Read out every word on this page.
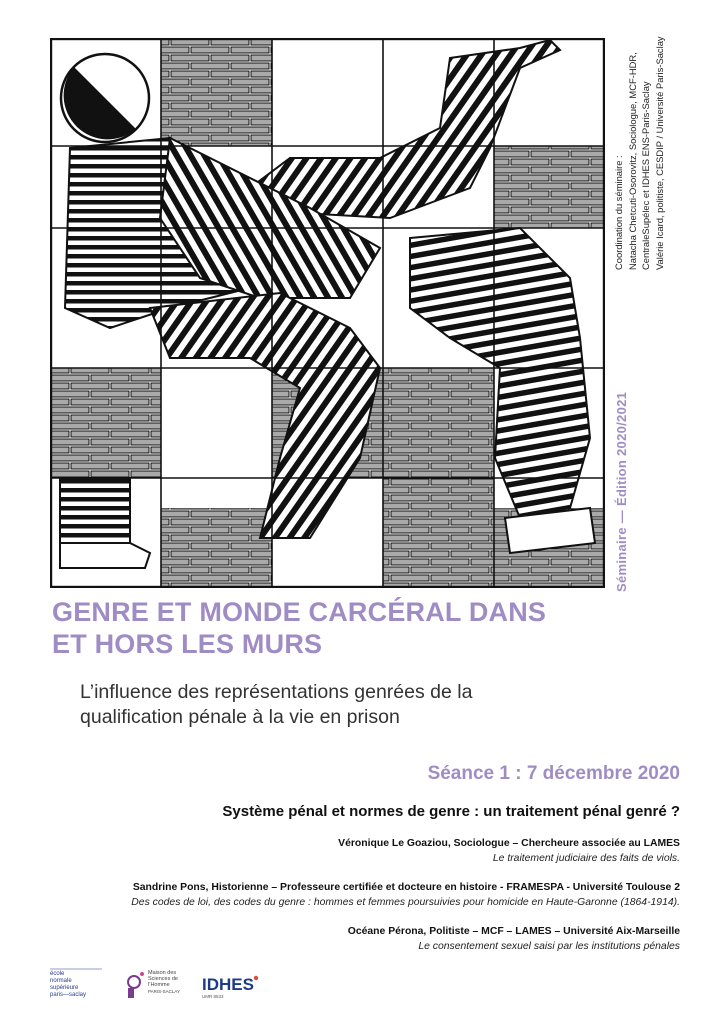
Coordination du séminaire : Natacha Chetcuti-Osorovitz, Sociologue, MCF-HDR, CentraleSupélec et IDHES ENS-Paris-Saclay Valérie Icard, politiste, CESDIP / Université Paris-Saclay
Séminaire — Édition 2020/2021
GENRE ET MONDE CARCÉRAL DANS
ET HORS LES MURS
L’influence des représentations genrées de la
qualification pénale à la vie en prison
Séance 1 : 7 décembre 2020
Système pénal et normes de genre : un traitement pénal genré ?
Véronique Le Goaziou, Sociologue – Chercheure associée au LAMES
Le traitement judiciaire des faits de viols.
Sandrine Pons, Historienne – Professeure certifiée et docteure en histoire - FRAMESPA - Université Toulouse 2
Des codes de loi, des codes du genre : hommes et femmes poursuivies pour homicide en Haute-Garonne (1864-1914).
Océane Pérona, Politiste – MCF – LAMES – Université Aix-Marseille
Le consentement sexuel saisi par les institutions pénales
école
normale
supérieure
paris—saclay
Maison des
Sciences de
l’Homme
PARIS-SACLAY IDHES
UMR 8533
